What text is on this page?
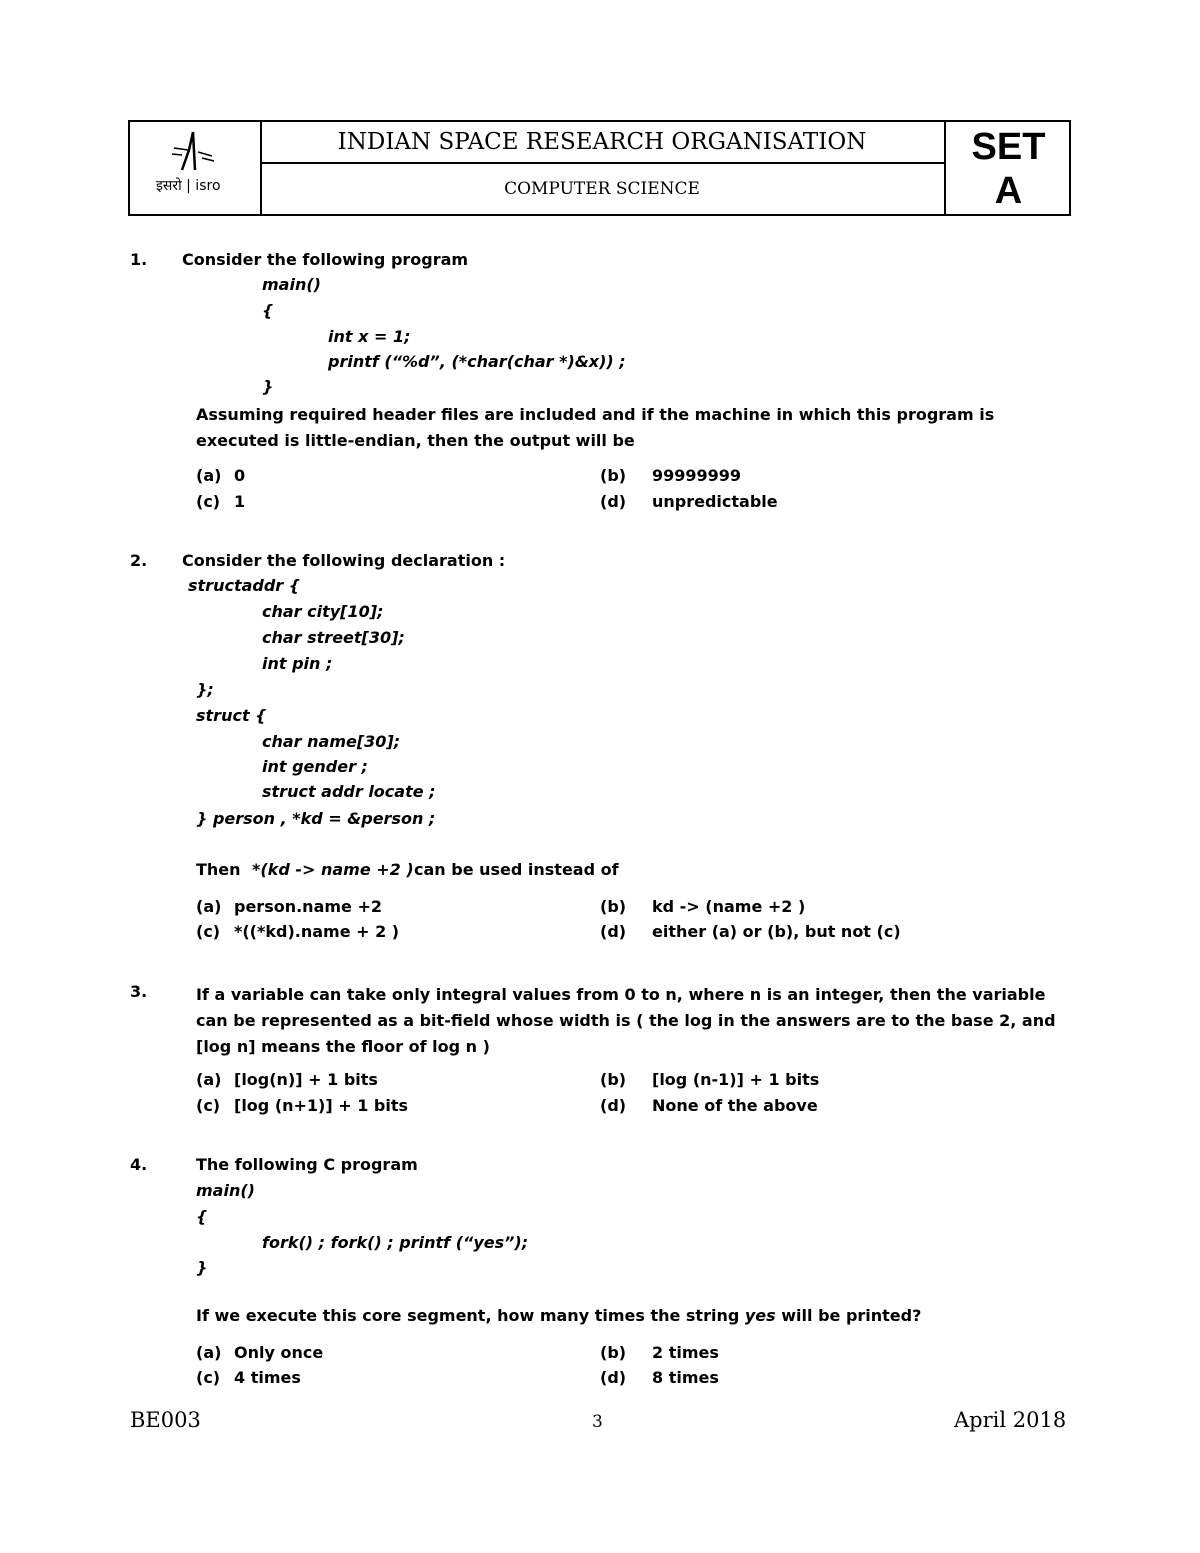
इसरो | isro
INDIAN SPACE RESEARCH ORGANISATION
COMPUTER SCIENCE
SET
A
1. Consider the following program
main()
{
int x = 1;
printf (“%d”, (*char(char *)&x)) ;
}
Assuming required header files are included and if the machine in which this program is executed is little-endian, then the output will be
(a) 0	(b) 99999999
(c) 1	(d) unpredictable
2. Consider the following declaration :
structaddr {
char city[10];
char street[30];
int pin ;
};
struct {
char name[30];
int gender ;
struct addr locate ;
} person , *kd = &person ;
Then *(kd -> name +2 ) can be used instead of
(a) person.name +2	(b) kd -> (name +2 )
(c) *((*kd).name + 2 )	(d) either (a) or (b), but not (c)
3.	If a variable can take only integral values from 0 to n, where n is an integer, then the variable can be represented as a bit-field whose width is ( the log in the answers are to the base 2, and [log n] means the floor of log n )
(a) [log(n)] + 1 bits	(b) [log (n-1)] + 1 bits
(c) [log (n+1)] + 1 bits	(d) None of the above
4.	The following C program
main()
{
fork() ; fork() ; printf (“yes”);
}
If we execute this core segment, how many times the string yes will be printed?
(a) Only once	(b) 2 times
(c) 4 times	(d) 8 times
BE003	3	April 2018
